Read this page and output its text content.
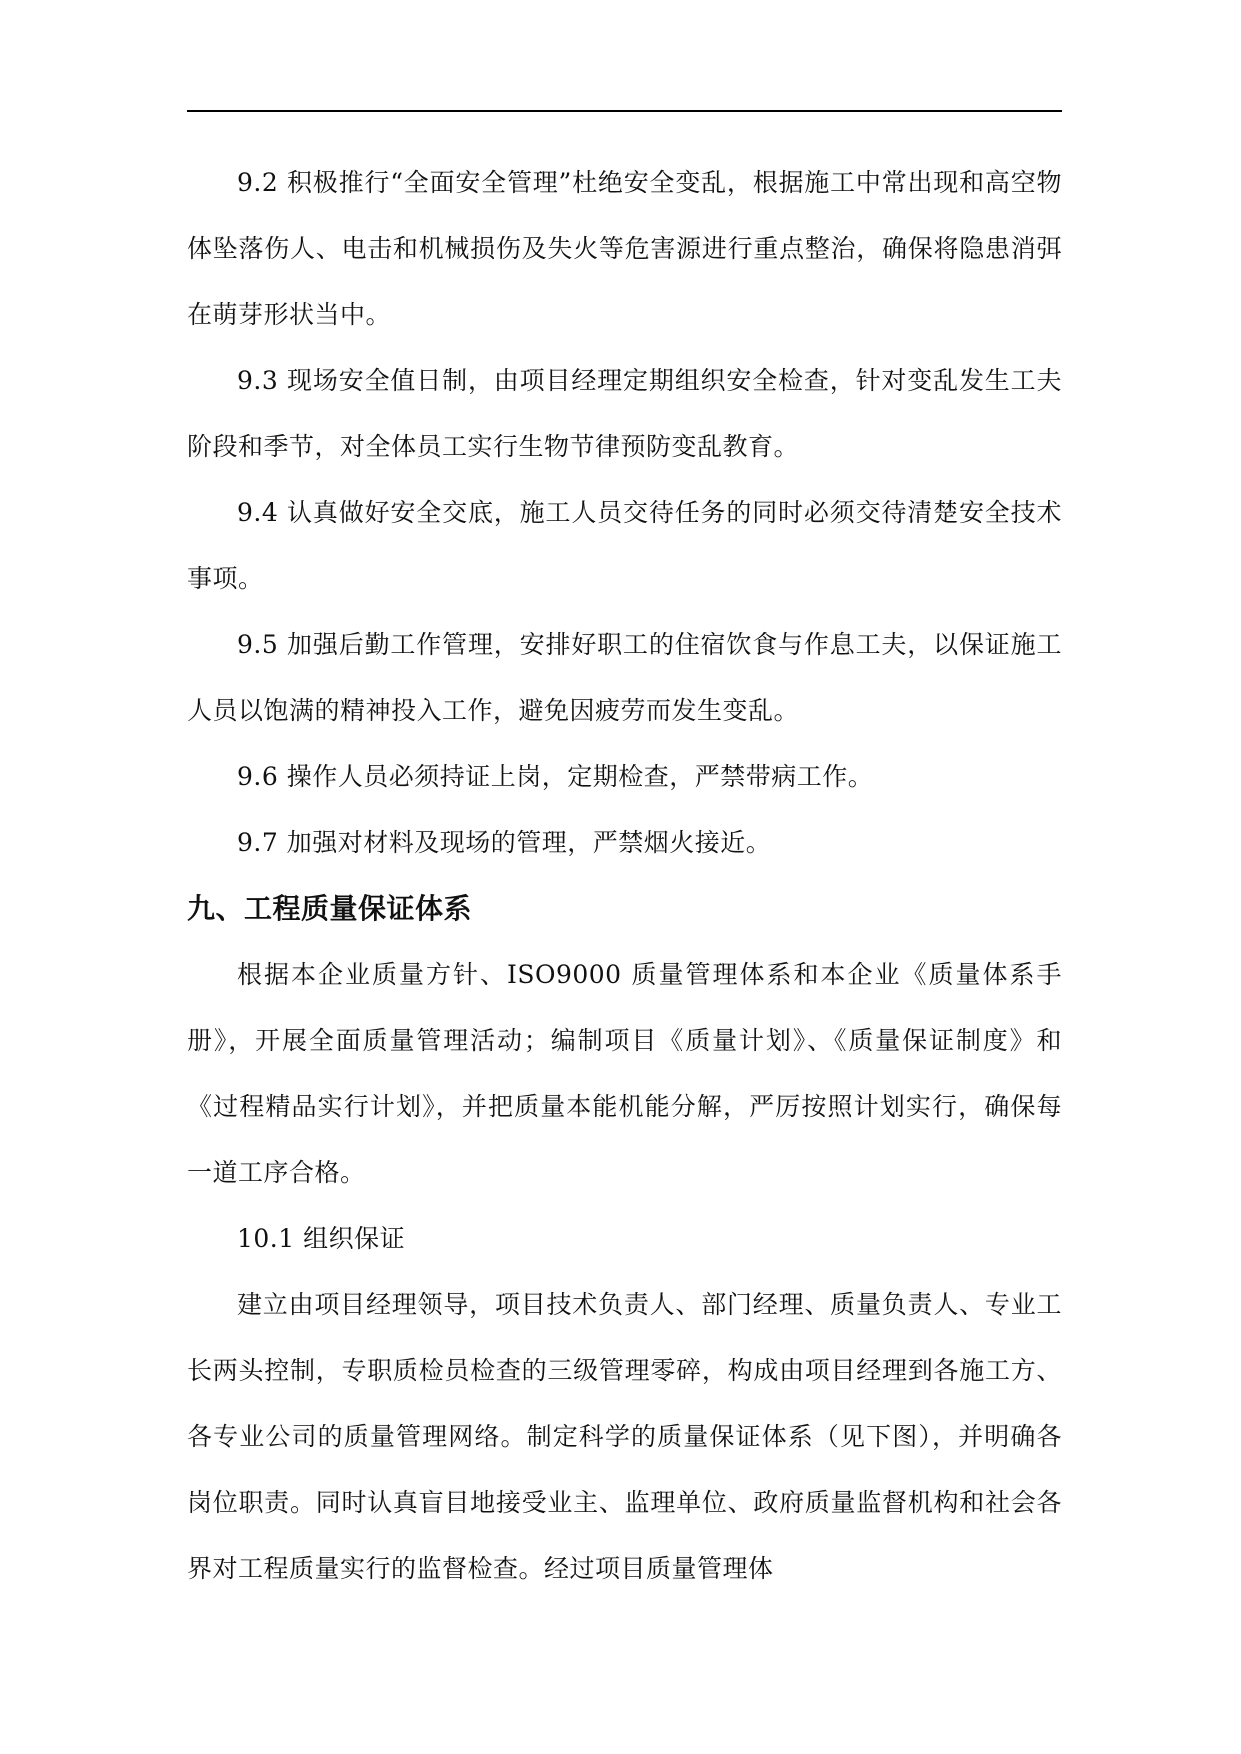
9.2 积极推行“全面安全管理”杜绝安全变乱，根据施工中常出现和高空物体坠落伤人、电击和机械损伤及失火等危害源进行重点整治，确保将隐患消弭在萌芽形状当中。

9.3 现场安全值日制，由项目经理定期组织安全检查，针对变乱发生工夫阶段和季节，对全体员工实行生物节律预防变乱教育。

9.4 认真做好安全交底，施工人员交待任务的同时必须交待清楚安全技术事项。

9.5 加强后勤工作管理，安排好职工的住宿饮食与作息工夫，以保证施工人员以饱满的精神投入工作，避免因疲劳而发生变乱。

9.6 操作人员必须持证上岗，定期检查，严禁带病工作。

9.7 加强对材料及现场的管理，严禁烟火接近。

九、工程质量保证体系

根据本企业质量方针、ISO9000 质量管理体系和本企业《质量体系手册》，开展全面质量管理活动；编制项目《质量计划》、《质量保证制度》和《过程精品实行计划》，并把质量本能机能分解，严厉按照计划实行，确保每一道工序合格。

10.1 组织保证

建立由项目经理领导，项目技术负责人、部门经理、质量负责人、专业工长两头控制，专职质检员检查的三级管理零碎，构成由项目经理到各施工方、各专业公司的质量管理网络。制定科学的质量保证体系（见下图），并明确各岗位职责。同时认真盲目地接受业主、监理单位、政府质量监督机构和社会各界对工程质量实行的监督检查。经过项目质量管理体
